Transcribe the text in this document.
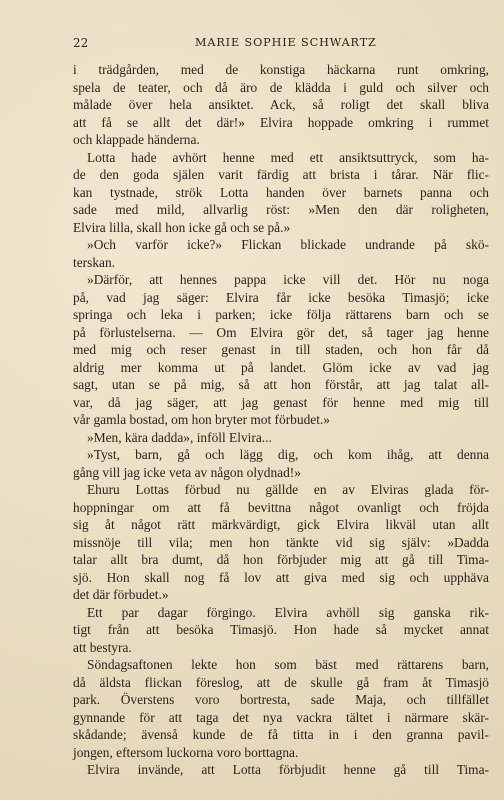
22	MARIE SOPHIE SCHWARTZ
i trädgården, med de konstiga häckarna runt omkring,
spela de teater, och då äro de klädda i guld och silver och
målade över hela ansiktet. Ack, så roligt det skall bliva
att få se allt det där!» Elvira hoppade omkring i rummet
och klappade händerna.
Lotta hade avhört henne med ett ansiktsuttryck, som ha-
de den goda själen varit färdig att brista i tårar. När flic-
kan tystnade, strök Lotta handen över barnets panna och
sade med mild, allvarlig röst: »Men den där roligheten,
Elvira lilla, skall hon icke gå och se på.»
»Och varför icke?» Flickan blickade undrande på skö-
terskan.
»Därför, att hennes pappa icke vill det. Hör nu noga
på, vad jag säger: Elvira får icke besöka Timasjö; icke
springa och leka i parken; icke följa rättarens barn och se
på förlustelserna. — Om Elvira gör det, så tager jag henne
med mig och reser genast in till staden, och hon får då
aldrig mer komma ut på landet. Glöm icke av vad jag
sagt, utan se på mig, så att hon förstår, att jag talat all-
var, då jag säger, att jag genast för henne med mig till
vår gamla bostad, om hon bryter mot förbudet.»
»Men, kära dadda», inföll Elvira...
»Tyst, barn, gå och lägg dig, och kom ihåg, att denna
gång vill jag icke veta av någon olydnad!»
Ehuru Lottas förbud nu gällde en av Elviras glada för-
hoppningar om att få bevittna något ovanligt och fröjda
sig åt något rätt märkvärdigt, gick Elvira likväl utan allt
missnöje till vila; men hon tänkte vid sig själv: »Dadda
talar allt bra dumt, då hon förbjuder mig att gå till Tima-
sjö. Hon skall nog få lov att giva med sig och upphäva
det där förbudet.»
Ett par dagar förgingo. Elvira avhöll sig ganska rik-
tigt från att besöka Timasjö. Hon hade så mycket annat
att bestyra.
Söndagsaftonen lekte hon som bäst med rättarens barn,
då äldsta flickan föreslog, att de skulle gå fram åt Timasjö
park. Överstens voro bortresta, sade Maja, och tillfället
gynnande för att taga det nya vackra tältet i närmare skär-
skådande; ävenså kunde de få titta in i den granna pavil-
jongen, eftersom luckorna voro borttagna.
Elvira invände, att Lotta förbjudit henne gå till Tima-
